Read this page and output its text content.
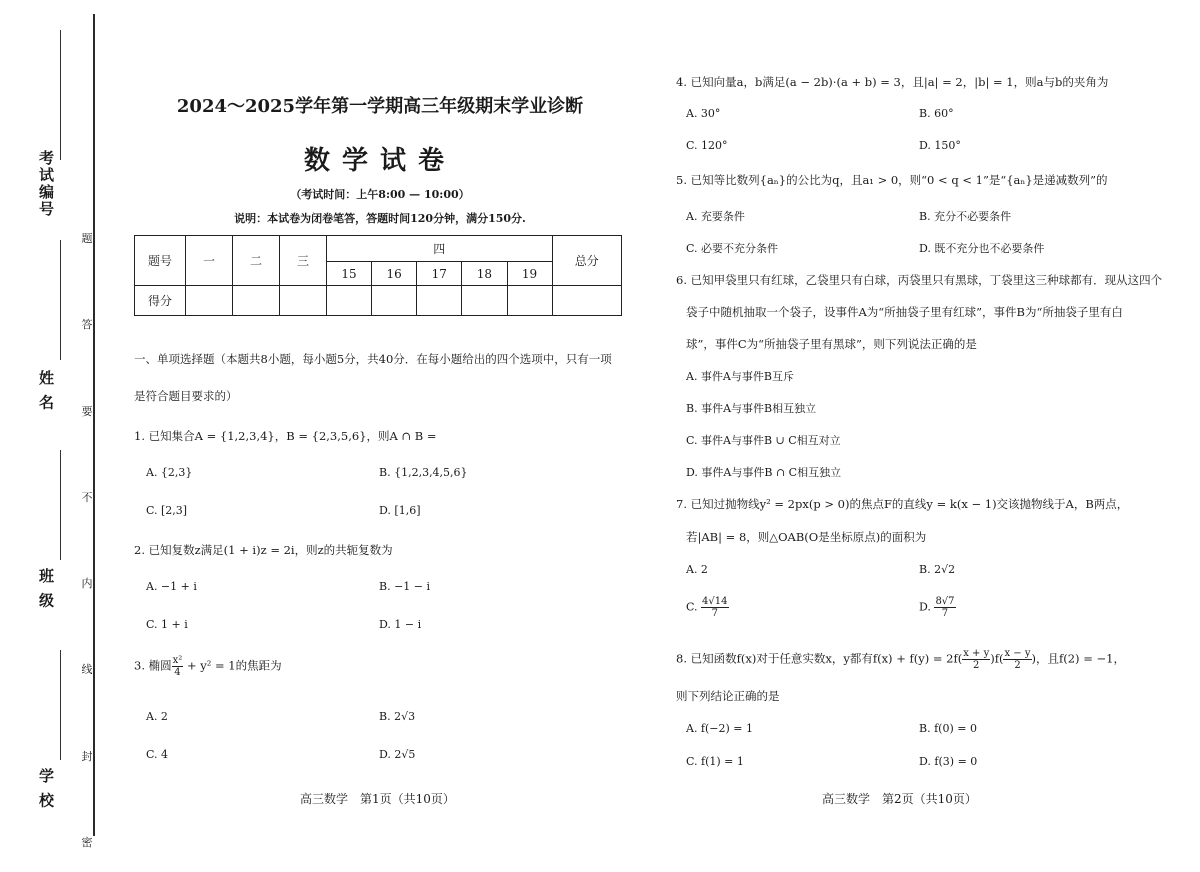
考试编号
姓 名
班 级
学 校
题
答
要
不
内
线
封
密
2024～2025学年第一学期高三年级期末学业诊断
数学试卷
（考试时间：上午8:00 — 10:00）
说明：本试卷为闭卷笔答，答题时间120分钟，满分150分.
题号	一	二	三	四					总分
				15	16	17	18	19	
得分									
一、单项选择题（本题共8小题，每小题5分，共40分．在每小题给出的四个选项中，只有一项
是符合题目要求的）
1. 已知集合A = {1,2,3,4}，B = {2,3,5,6}，则A ∩ B =
A. {2,3}	B. {1,2,3,4,5,6}
C. [2,3]	D. [1,6]
2. 已知复数z满足(1 + i)z = 2i，则z的共轭复数为
A. −1 + i	B. −1 − i
C. 1 + i	D. 1 − i
3. 椭圆 $\frac{\text{x²}}{4} + y^2 = 1$的焦距为
A. 2	B. 2√3
C. 4	D. 2√5
高三数学　第1页（共10页）
4. 已知向量a，b满足(a − 2b)·(a + b) = 3，且|a| = 2，|b| = 1，则a与b的夹角为
A. 30°	B. 60°
C. 120°	D. 150°
5. 已知等比数列{aₙ}的公比为q，且a₁ > 0，则“0 < q < 1”是“{aₙ}是递减数列”的
A. 充要条件	B. 充分不必要条件
C. 必要不充分条件	D. 既不充分也不必要条件
6. 已知甲袋里只有红球，乙袋里只有白球，丙袋里只有黑球，丁袋里这三种球都有．现从这四个
袋子中随机抽取一个袋子，设事件A为“所抽袋子里有红球”，事件B为“所抽袋子里有白
球”，事件C为“所抽袋子里有黑球”，则下列说法正确的是
A. 事件A与事件B互斥
B. 事件A与事件B相互独立
C. 事件A与事件B ∪ C相互对立
D. 事件A与事件B ∩ C相互独立
7. 已知过抛物线y² = 2px(p > 0)的焦点F的直线y = k(x − 1)交该抛物线于A，B两点，
若|AB| = 8，则△OAB(O是坐标原点)的面积为
A. 2	B. 2√2
C. $\frac{4√14}{7}$	D. $\frac{8√7}{7}$
8. 已知函数f(x)对于任意实数x，y都有$f(x) + f(y) = 2f( \frac{x + y}{2} )f( \frac{x - y}{2}$ )，且f(2) = −1，
则下列结论正确的是
A. f(−2) = 1	B. f(0) = 0
C. f(1) = 1	D. f(3) = 0
高三数学　第2页（共10页）
